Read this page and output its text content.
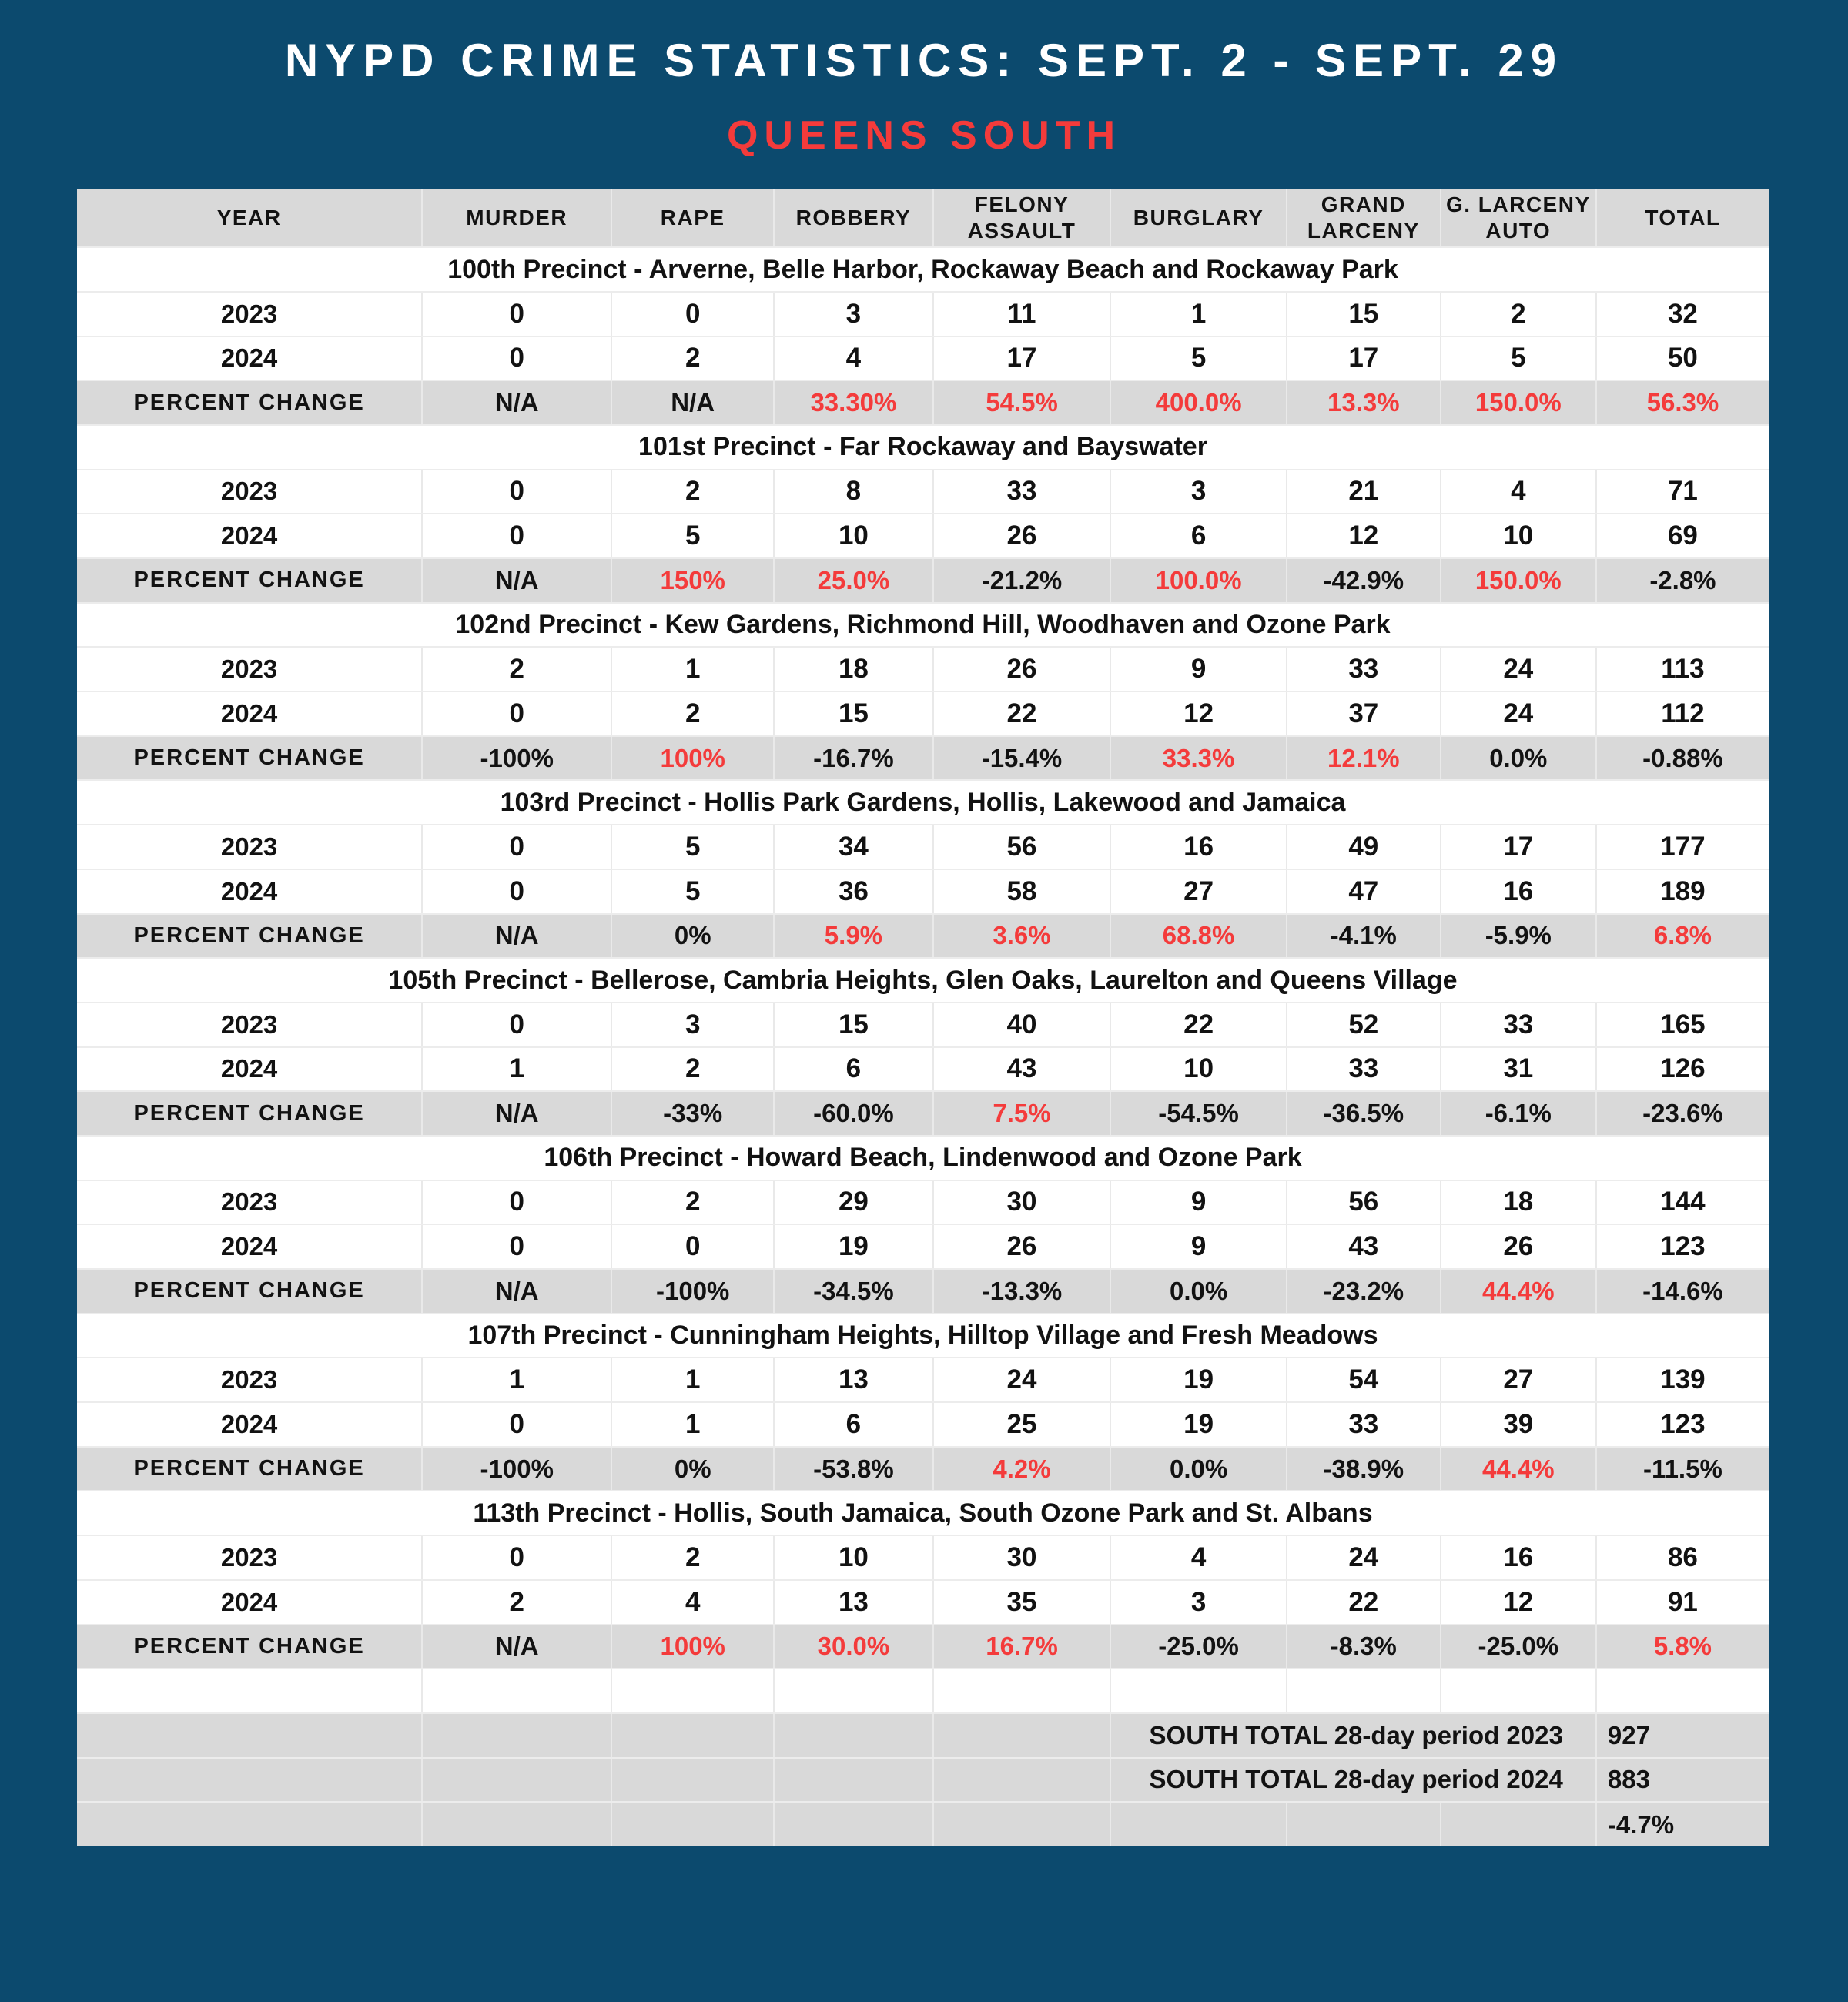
NYPD CRIME STATISTICS: SEPT. 2 - SEPT. 29
QUEENS SOUTH
YEAR	MURDER	RAPE	ROBBERY	FELONY ASSAULT	BURGLARY	GRAND LARCENY	G. LARCENY AUTO	TOTAL
100th Precinct - Arverne, Belle Harbor, Rockaway Beach and Rockaway Park								
2023	0	0	3	11	1	15	2	32
2024	0	2	4	17	5	17	5	50
PERCENT CHANGE	N/A	N/A	33.30%	54.5%	400.0%	13.3%	150.0%	56.3%
101st Precinct - Far Rockaway and Bayswater								
2023	0	2	8	33	3	21	4	71
2024	0	5	10	26	6	12	10	69
PERCENT CHANGE	N/A	150%	25.0%	-21.2%	100.0%	-42.9%	150.0%	-2.8%
102nd Precinct - Kew Gardens, Richmond Hill, Woodhaven and Ozone Park								
2023	2	1	18	26	9	33	24	113
2024	0	2	15	22	12	37	24	112
PERCENT CHANGE	-100%	100%	-16.7%	-15.4%	33.3%	12.1%	0.0%	-0.88%
103rd Precinct - Hollis Park Gardens, Hollis, Lakewood and Jamaica								
2023	0	5	34	56	16	49	17	177
2024	0	5	36	58	27	47	16	189
PERCENT CHANGE	N/A	0%	5.9%	3.6%	68.8%	-4.1%	-5.9%	6.8%
105th Precinct - Bellerose, Cambria Heights, Glen Oaks, Laurelton and Queens Village								
2023	0	3	15	40	22	52	33	165
2024	1	2	6	43	10	33	31	126
PERCENT CHANGE	N/A	-33%	-60.0%	7.5%	-54.5%	-36.5%	-6.1%	-23.6%
106th Precinct - Howard Beach, Lindenwood and Ozone Park								
2023	0	2	29	30	9	56	18	144
2024	0	0	19	26	9	43	26	123
PERCENT CHANGE	N/A	-100%	-34.5%	-13.3%	0.0%	-23.2%	44.4%	-14.6%
107th Precinct - Cunningham Heights, Hilltop Village and Fresh Meadows								
2023	1	1	13	24	19	54	27	139
2024	0	1	6	25	19	33	39	123
PERCENT CHANGE	-100%	0%	-53.8%	4.2%	0.0%	-38.9%	44.4%	-11.5%
113th Precinct - Hollis, South Jamaica, South Ozone Park and St. Albans								
2023	0	2	10	30	4	24	16	86
2024	2	4	13	35	3	22	12	91
PERCENT CHANGE	N/A	100%	30.0%	16.7%	-25.0%	-8.3%	-25.0%	5.8%

					SOUTH TOTAL 28-day period 2023			927
					SOUTH TOTAL 28-day period 2024			883
								-4.7%
